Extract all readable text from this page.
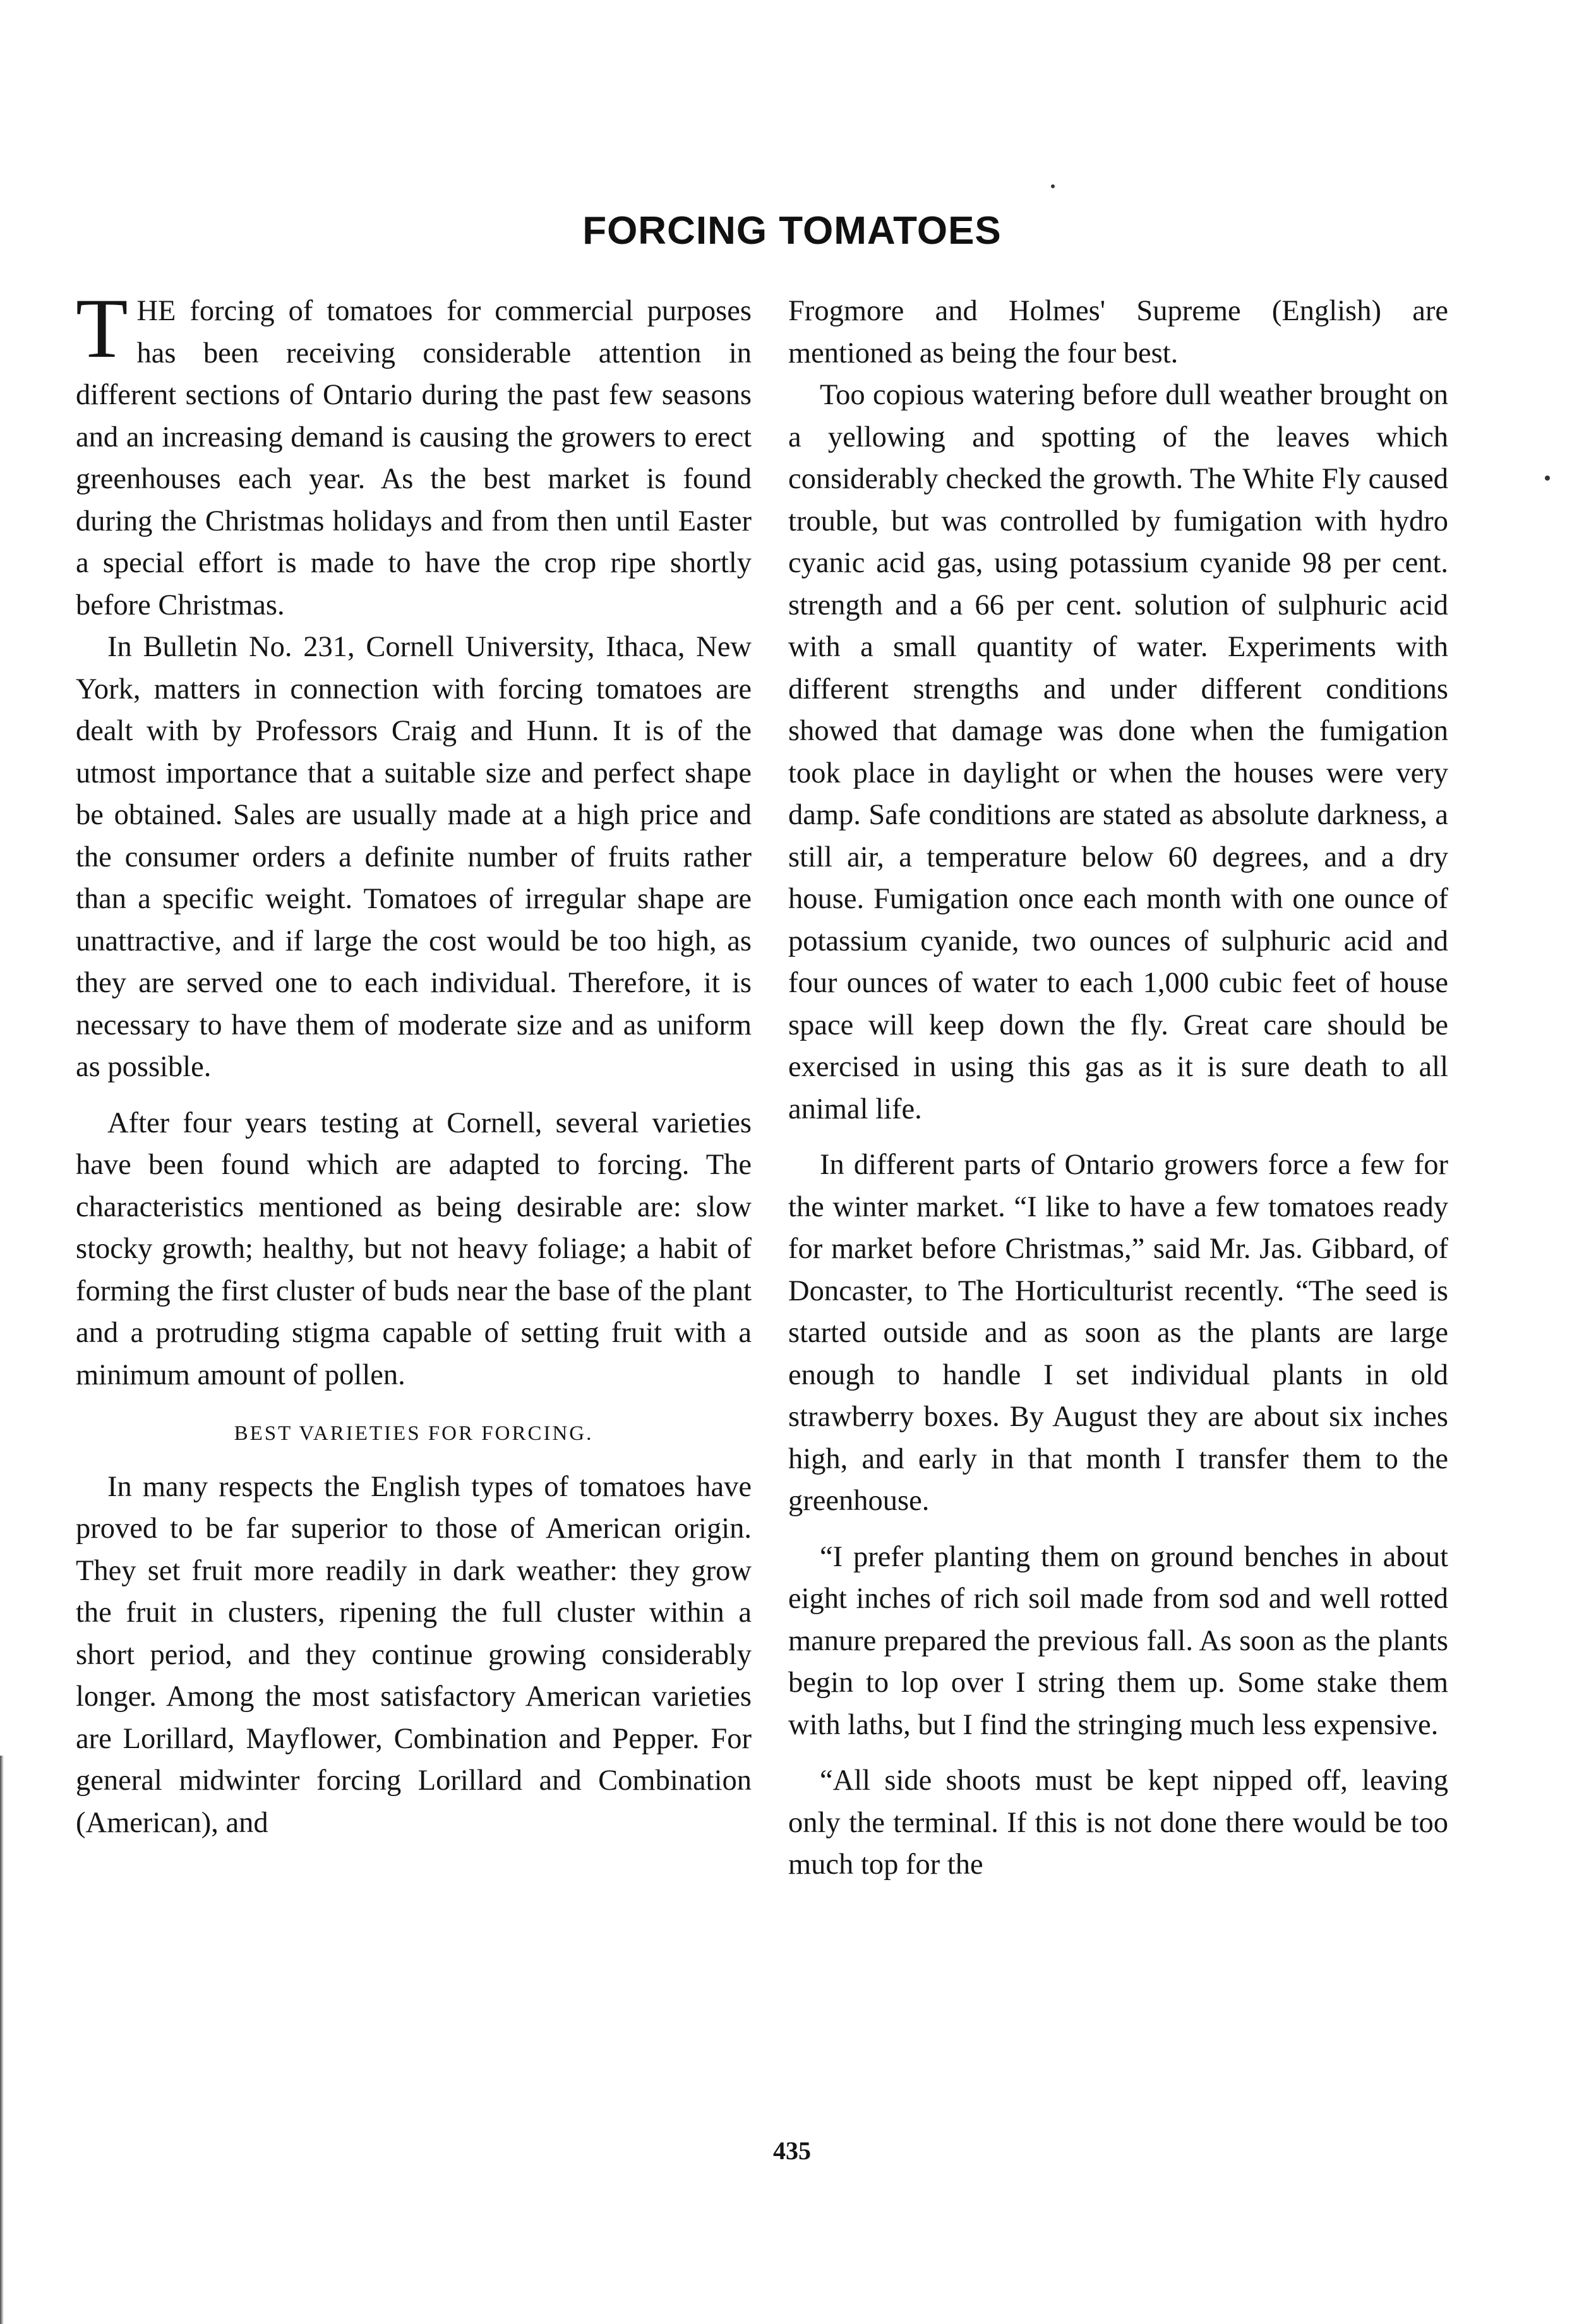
FORCING TOMATOES

THE forcing of tomatoes for commercial purposes has been receiving considerable attention in different sections of Ontario during the past few seasons and an increasing demand is causing the growers to erect greenhouses each year. As the best market is found during the Christmas holidays and from then until Easter a special effort is made to have the crop ripe shortly before Christmas.

In Bulletin No. 231, Cornell University, Ithaca, New York, matters in connection with forcing tomatoes are dealt with by Professors Craig and Hunn. It is of the utmost importance that a suitable size and perfect shape be obtained. Sales are usually made at a high price and the consumer orders a definite number of fruits rather than a specific weight. Tomatoes of irregular shape are unattractive, and if large the cost would be too high, as they are served one to each individual. Therefore, it is necessary to have them of moderate size and as uniform as possible.

After four years testing at Cornell, several varieties have been found which are adapted to forcing. The characteristics mentioned as being desirable are: slow stocky growth; healthy, but not heavy foliage; a habit of forming the first cluster of buds near the base of the plant and a protruding stigma capable of setting fruit with a minimum amount of pollen.

BEST VARIETIES FOR FORCING.

In many respects the English types of tomatoes have proved to be far superior to those of American origin. They set fruit more readily in dark weather: they grow the fruit in clusters, ripening the full cluster within a short period, and they continue growing considerably longer. Among the most satisfactory American varieties are Lorillard, Mayflower, Combination and Pepper. For general midwinter forcing Lorillard and Combination (American), and

Frogmore and Holmes' Supreme (English) are mentioned as being the four best.

Too copious watering before dull weather brought on a yellowing and spotting of the leaves which considerably checked the growth. The White Fly caused trouble, but was controlled by fumigation with hydro cyanic acid gas, using potassium cyanide 98 per cent. strength and a 66 per cent. solution of sulphuric acid with a small quantity of water. Experiments with different strengths and under different conditions showed that damage was done when the fumigation took place in daylight or when the houses were very damp. Safe conditions are stated as absolute darkness, a still air, a temperature below 60 degrees, and a dry house. Fumigation once each month with one ounce of potassium cyanide, two ounces of sulphuric acid and four ounces of water to each 1,000 cubic feet of house space will keep down the fly. Great care should be exercised in using this gas as it is sure death to all animal life.

In different parts of Ontario growers force a few for the winter market. “I like to have a few tomatoes ready for market before Christmas,” said Mr. Jas. Gibbard, of Doncaster, to The Horticulturist recently. “The seed is started outside and as soon as the plants are large enough to handle I set individual plants in old strawberry boxes. By August they are about six inches high, and early in that month I transfer them to the greenhouse.

“I prefer planting them on ground benches in about eight inches of rich soil made from sod and well rotted manure prepared the previous fall. As soon as the plants begin to lop over I string them up. Some stake them with laths, but I find the stringing much less expensive.

“All side shoots must be kept nipped off, leaving only the terminal. If this is not done there would be too much top for the

435
